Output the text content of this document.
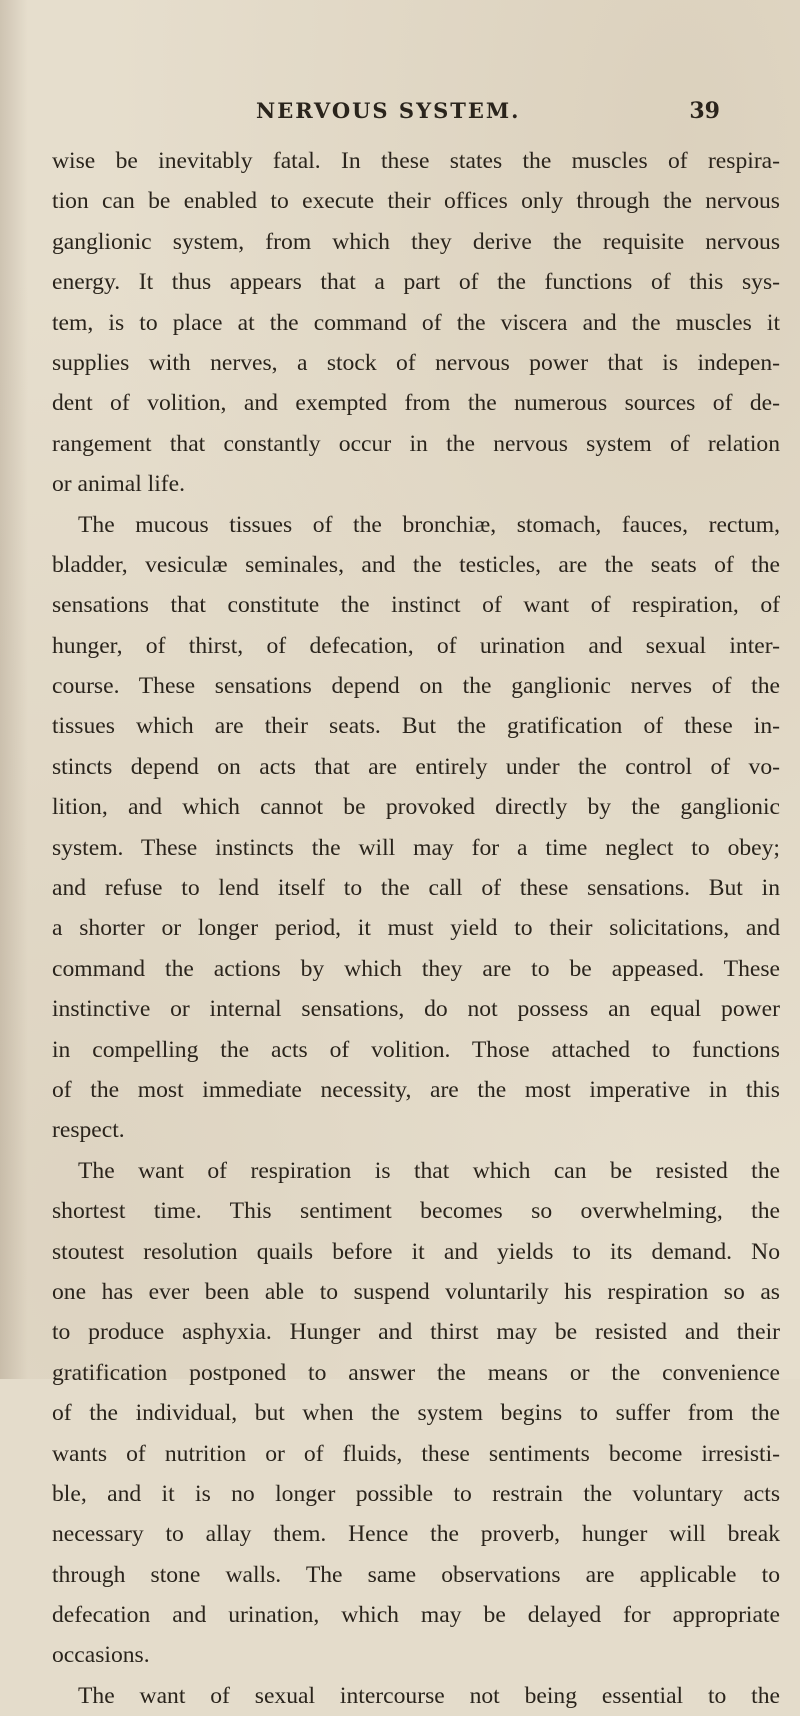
NERVOUS SYSTEM.	39
wise be inevitably fatal. In these states the muscles of respira-
tion can be enabled to execute their offices only through the nervous
ganglionic system, from which they derive the requisite nervous
energy. It thus appears that a part of the functions of this sys-
tem, is to place at the command of the viscera and the muscles it
supplies with nerves, a stock of nervous power that is indepen-
dent of volition, and exempted from the numerous sources of de-
rangement that constantly occur in the nervous system of relation
or animal life.
The mucous tissues of the bronchiæ, stomach, fauces, rectum,
bladder, vesiculæ seminales, and the testicles, are the seats of the
sensations that constitute the instinct of want of respiration, of
hunger, of thirst, of defecation, of urination and sexual inter-
course. These sensations depend on the ganglionic nerves of the
tissues which are their seats. But the gratification of these in-
stincts depend on acts that are entirely under the control of vo-
lition, and which cannot be provoked directly by the ganglionic
system. These instincts the will may for a time neglect to obey;
and refuse to lend itself to the call of these sensations. But in
a shorter or longer period, it must yield to their solicitations, and
command the actions by which they are to be appeased. These
instinctive or internal sensations, do not possess an equal power
in compelling the acts of volition. Those attached to functions
of the most immediate necessity, are the most imperative in this
respect.
The want of respiration is that which can be resisted the
shortest time. This sentiment becomes so overwhelming, the
stoutest resolution quails before it and yields to its demand. No
one has ever been able to suspend voluntarily his respiration so as
to produce asphyxia. Hunger and thirst may be resisted and their
gratification postponed to answer the means or the convenience
of the individual, but when the system begins to suffer from the
wants of nutrition or of fluids, these sentiments become irresisti-
ble, and it is no longer possible to restrain the voluntary acts
necessary to allay them. Hence the proverb, hunger will break
through stone walls. The same observations are applicable to
defecation and urination, which may be delayed for appropriate
occasions.
The want of sexual intercourse not being essential to the
